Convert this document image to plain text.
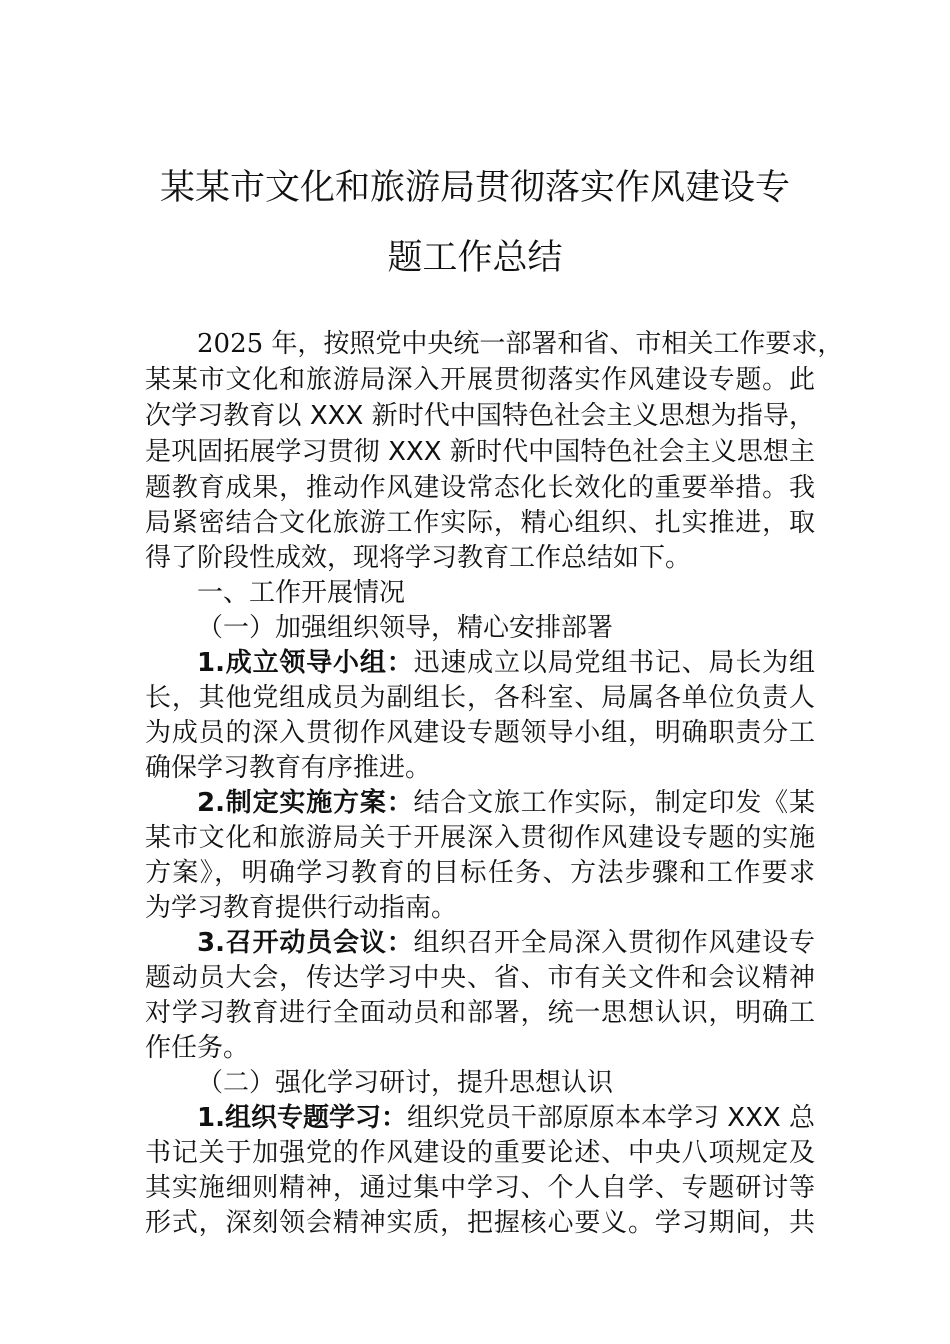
某某市文化和旅游局贯彻落实作风建设专
题工作总结
2025 年，按照党中央统一部署和省、市相关工作要求，
某某市文化和旅游局深入开展贯彻落实作风建设专题。此
次学习教育以 XXX 新时代中国特色社会主义思想为指导，
是巩固拓展学习贯彻 XXX 新时代中国特色社会主义思想主
题教育成果，推动作风建设常态化长效化的重要举措。我
局紧密结合文化旅游工作实际，精心组织、扎实推进，取
得了阶段性成效，现将学习教育工作总结如下。
一、工作开展情况
（一）加强组织领导，精心安排部署
1.成立领导小组：迅速成立以局党组书记、局长为组
长，其他党组成员为副组长，各科室、局属各单位负责人
为成员的深入贯彻作风建设专题领导小组，明确职责分工
确保学习教育有序推进。
2.制定实施方案：结合文旅工作实际，制定印发《某
某市文化和旅游局关于开展深入贯彻作风建设专题的实施
方案》，明确学习教育的目标任务、方法步骤和工作要求
为学习教育提供行动指南。
3.召开动员会议：组织召开全局深入贯彻作风建设专
题动员大会，传达学习中央、省、市有关文件和会议精神
对学习教育进行全面动员和部署，统一思想认识，明确工
作任务。
（二）强化学习研讨，提升思想认识
1.组织专题学习：组织党员干部原原本本学习 XXX 总
书记关于加强党的作风建设的重要论述、中央八项规定及
其实施细则精神，通过集中学习、个人自学、专题研讨等
形式，深刻领会精神实质，把握核心要义。学习期间，共
